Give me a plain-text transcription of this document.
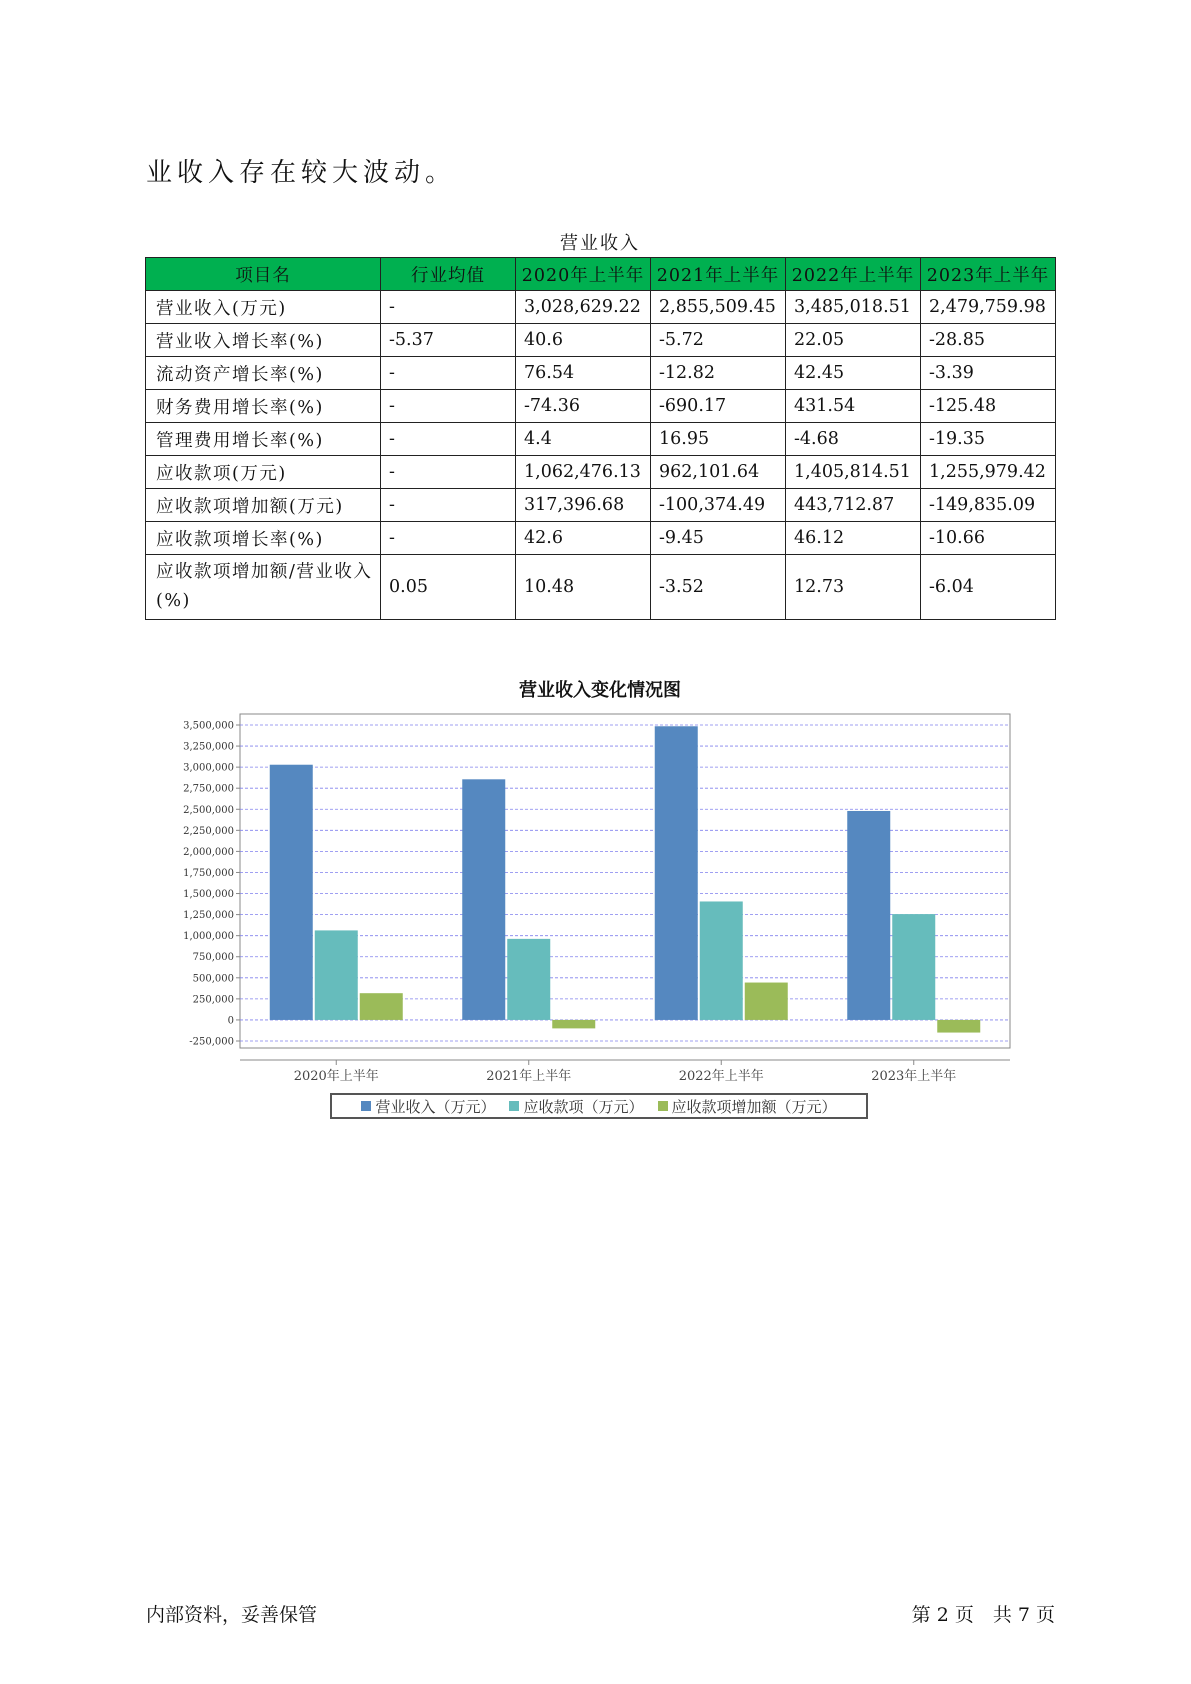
业收入存在较大波动。
营业收入
项目名	行业均值	2020年上半年	2021年上半年	2022年上半年	2023年上半年
营业收入(万元)	-	3,028,629.22	2,855,509.45	3,485,018.51	2,479,759.98
营业收入增长率(%)	-5.37	40.6	-5.72	22.05	-28.85
流动资产增长率(%)	-	76.54	-12.82	42.45	-3.39
财务费用增长率(%)	-	-74.36	-690.17	431.54	-125.48
管理费用增长率(%)	-	4.4	16.95	-4.68	-19.35
应收款项(万元)	-	1,062,476.13	962,101.64	1,405,814.51	1,255,979.42
应收款项增加额(万元)	-	317,396.68	-100,374.49	443,712.87	-149,835.09
应收款项增长率(%)	-	42.6	-9.45	46.12	-10.66
应收款项增加额/营业收入(%)	0.05	10.48	-3.52	12.73	-6.04
营业收入变化情况图
-250,000
0
250,000
500,000
750,000
1,000,000
1,250,000
1,500,000
1,750,000
2,000,000
2,250,000
2,500,000
2,750,000
3,000,000
3,250,000
3,500,000
2020年上半年	2021年上半年	2022年上半年	2023年上半年
营业收入（万元） 应收款项（万元） 应收款项增加额（万元）
内部资料，妥善保管	第 2 页　共 7 页
